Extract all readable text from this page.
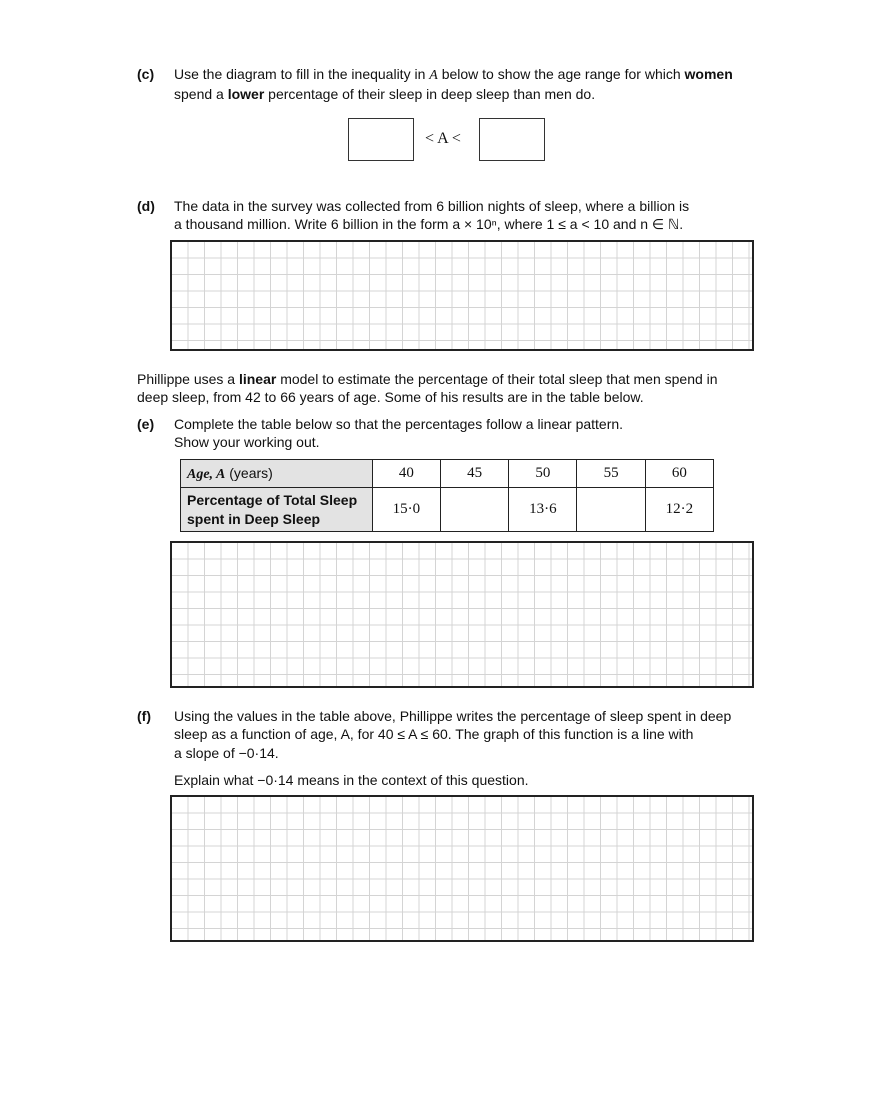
(c) Use the diagram to fill in the inequality in A below to show the age range for which women
spend a lower percentage of their sleep in deep sleep than men do.
< A <
(d) The data in the survey was collected from 6 billion nights of sleep, where a billion is
a thousand million. Write 6 billion in the form a × 10ⁿ, where 1 ≤ a < 10 and n ∈ ℕ.
Phillippe uses a linear model to estimate the percentage of their total sleep that men spend in
deep sleep, from 42 to 66 years of age. Some of his results are in the table below.
(e) Complete the table below so that the percentages follow a linear pattern.
Show your working out.
Age, A (years)	40	45	50	55	60
Percentage of Total Sleep
spent in Deep Sleep	15·0		13·6		12·2
(f) Using the values in the table above, Phillippe writes the percentage of sleep spent in deep
sleep as a function of age, A, for 40 ≤ A ≤ 60. The graph of this function is a line with
a slope of −0·14.
Explain what −0·14 means in the context of this question.
